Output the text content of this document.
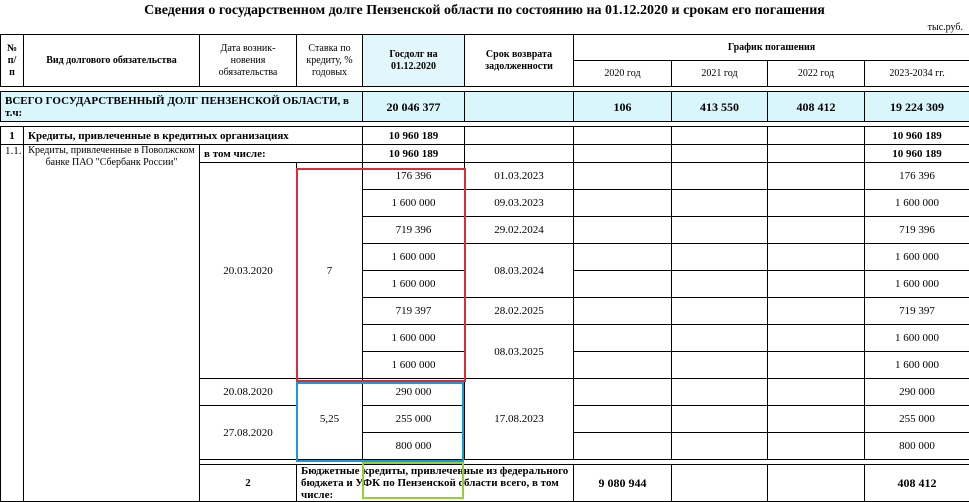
Сведения о государственном долге Пензенской области по состоянию на 01.12.2020 и срокам его погашения
тыс.руб.
№ п/п	Вид долгового обязательства	Дата возник-новения обязательства	Ставка по кредиту, % годовых	Госдолг на 01.12.2020	Срок возврата задолженности	График погашения				
						2020 год	2021 год	2022 год	2023-2034 гг.	

ВСЕГО ГОСУДАРСТВЕННЫЙ ДОЛГ ПЕНЗЕНСКОЙ ОБЛАСТИ, в т.ч:				20 046 377		106	413 550	408 412	19 224 309	

1	Кредиты, привлеченные в кредитных организациях			10 960 189					10 960 189	
1.1.	Кредиты, привлеченные в Поволжском банке ПАО "Сбербанк России"	в том числе:		10 960 189					10 960 189	
		20.03.2020	7	176 396	01.03.2023				176 396	
				1 600 000	09.03.2023				1 600 000	
				719 396	29.02.2024				719 396	
				1 600 000	08.03.2024				1 600 000	
				1 600 000					1 600 000	
				719 397	28.02.2025				719 397	
				1 600 000	08.03.2025				1 600 000	
				1 600 000					1 600 000	
		20.08.2020	5,25	290 000	17.08.2023				290 000	
		27.08.2020		255 000					255 000	
				800 000					800 000	

		2	Бюджетные кредиты, привлеченные из федерального бюджета и УФК по Пензенской области всего, в том числе:			9 080 944			408 412		
